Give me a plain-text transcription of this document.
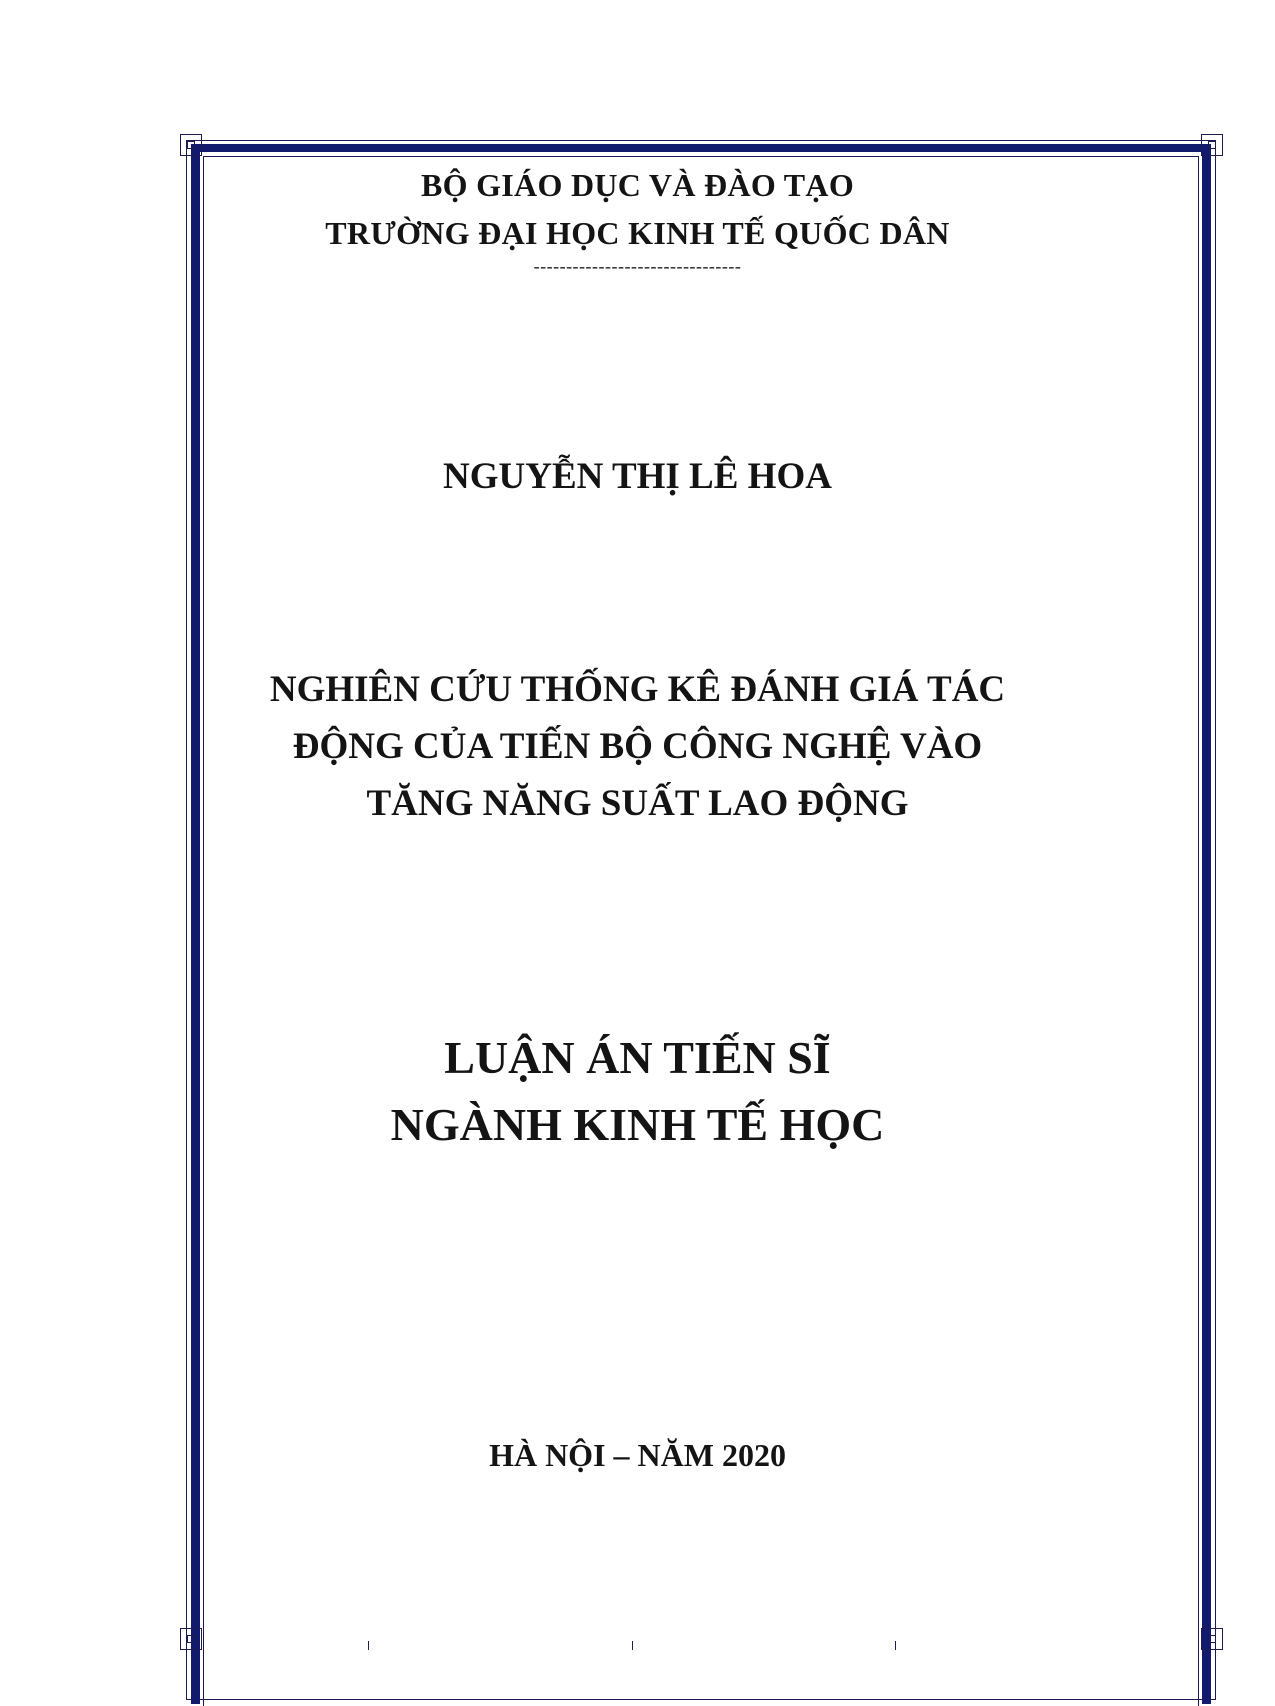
BỘ GIÁO DỤC VÀ ĐÀO TẠO

TRƯỜNG ĐẠI HỌC KINH TẾ QUỐC DÂN

--------------------------------

NGUYỄN THỊ LÊ HOA

NGHIÊN CỨU THỐNG KÊ ĐÁNH GIÁ TÁC

ĐỘNG CỦA TIẾN BỘ CÔNG NGHỆ VÀO

TĂNG NĂNG SUẤT LAO ĐỘNG

LUẬN ÁN TIẾN SĨ

NGÀNH KINH TẾ HỌC

HÀ NỘI – NĂM 2020
